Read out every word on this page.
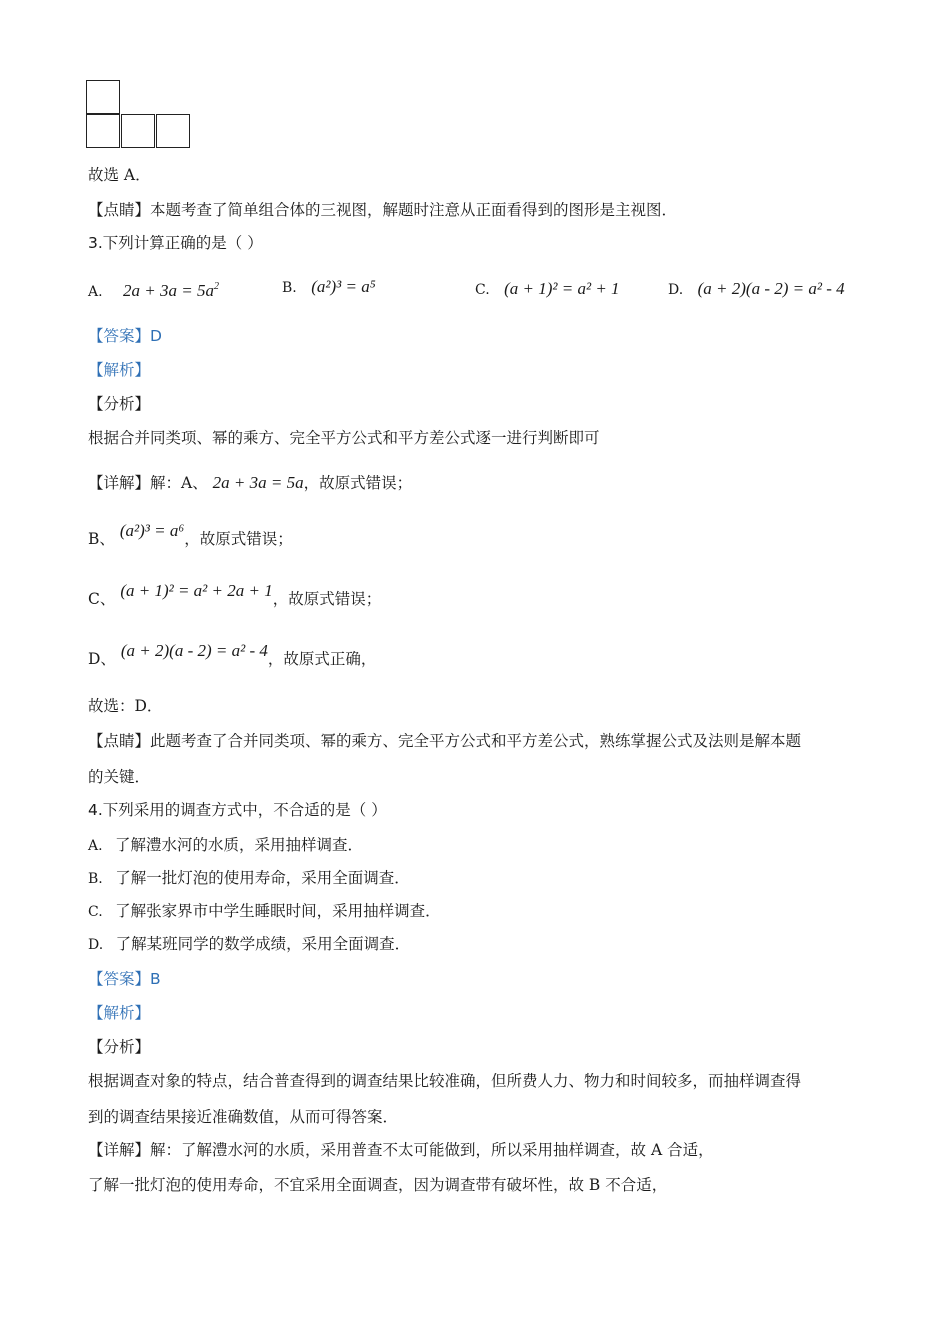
故选 A．
【点睛】本题考查了简单组合体的三视图，解题时注意从正面看得到的图形是主视图．
3.下列计算正确的是（ ）
A. $2a + 3a = 5a^2$	B. (a²)³ = a⁵	C. (a + 1)² = a² + 1	D. (a + 2)(a - 2) = a² - 4
【答案】D
【解析】
【分析】
根据合并同类项、幂的乘方、完全平方公式和平方差公式逐一进行判断即可
【详解】解：A、 2a + 3a = 5a，故原式错误；
B、 (a²)³ = a⁶，故原式错误；
C、 (a + 1)² = a² + 2a + 1，故原式错误；
D、 (a + 2)(a - 2) = a² - 4，故原式正确，
故选：D．
【点睛】此题考查了合并同类项、幂的乘方、完全平方公式和平方差公式，熟练掌握公式及法则是解本题
的关键．
4.下列采用的调查方式中，不合适的是（ ）
A. 了解澧水河的水质，采用抽样调查．
B. 了解一批灯泡的使用寿命，采用全面调查．
C. 了解张家界市中学生睡眠时间，采用抽样调查．
D. 了解某班同学的数学成绩，采用全面调查．
【答案】B
【解析】
【分析】
根据调查对象的特点，结合普查得到的调查结果比较准确，但所费人力、物力和时间较多，而抽样调查得
到的调查结果接近准确数值，从而可得答案．
【详解】解：了解澧水河的水质，采用普查不太可能做到，所以采用抽样调查，故 A 合适，
了解一批灯泡的使用寿命，不宜采用全面调查，因为调查带有破坏性，故 B 不合适，
